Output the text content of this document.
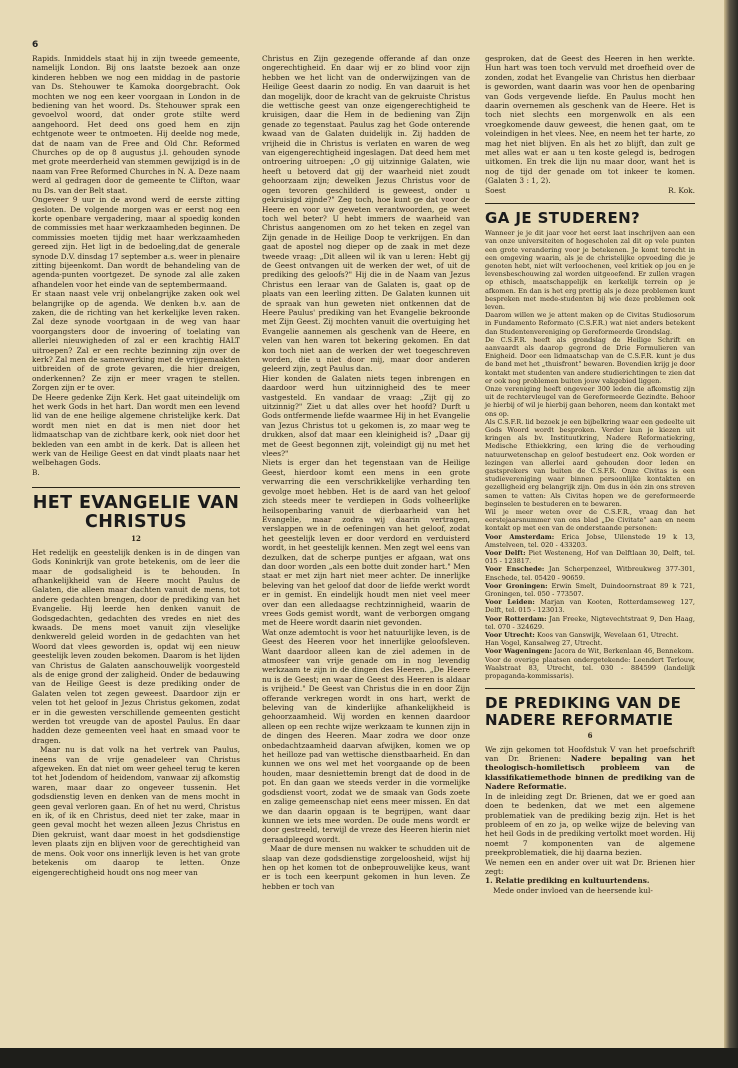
6

Rapids. Inmiddels staat hij in zijn tweede gemeente, namelijk London. Bij ons laatste bezoek aan onze kinderen hebben we nog een middag in de pastorie van Ds. Stehouwer te Kamoka doorgebracht. Ook mochten we nog een keer voorgaan in London in de bediening van het woord. Ds. Stehouwer sprak een gevoelvol woord, dat onder grote stilte werd aangehoord. Het deed ons goed hem en zijn echtgenote weer te ontmoeten. Hij deelde nog mede, dat de naam van de Free and Old Chr. Reformed Churches op de op 8 augustus j.l. gehouden synode met grote meerderheid van stemmen gewijzigd is in de naam van Free Reformed Churches in N. A. Deze naam werd al gedragen door de gemeente te Clifton, waar nu Ds. van der Belt staat.

Ongeveer 9 uur in de avond werd de eerste zitting gesloten. De volgende morgen was er eerst nog een korte openbare vergadering, maar al spoedig konden de commissies met haar werkzaamheden beginnen. De commissies moeten tijdig met haar werkzaamheden gereed zijn. Het ligt in de bedoeling,dat de generale synode D.V. dinsdag 17 september a.s. weer in plenaire zitting bijeenkomt. Dan wordt de behandeling van de agenda-punten voortgezet. De synode zal alle zaken afhandelen voor het einde van de septembermaand.

Er staan naast vele vrij onbelangrijke zaken ook wel belangrijke op de agenda. We denken b.v. aan de zaken, die de richting van het kerkelijke leven raken. Zal deze synode voortgaan in de weg van haar voorgangsters door de invoering of toelating van allerlei nieuwigheden of zal er een krachtig HALT uitroepen? Zal er een rechte bezinning zijn over de kerk? Zal men de samenwerking met de vrijgemaakten uitbreiden of de grote gevaren, die hier dreigen, onderkennen? Ze zijn er meer vragen te stellen. Zorgen zijn er te over.

De Heere gedenke Zijn Kerk. Het gaat uiteindelijk om het werk Gods in het hart. Dan wordt men een levend lid van de ene heilige algemene christelijke kerk. Dat wordt men niet en dat is men niet door het lidmaatschap van de zichtbare kerk, ook niet door het bekleden van een ambt in de kerk. Dat is alleen het werk van de Heilige Geest en dat vindt plaats naar het welbehagen Gods.

B.

HET EVANGELIE VAN CHRISTUS
12

Het redelijk en geestelijk denken is in de dingen van Gods Koninkrijk van grote betekenis, om de leer die maar de godsaligheid is te behouden. In afhankelijkheid van de Heere mocht Paulus de Galaten, die alleen maar dachten vanuit de mens, tot andere gedachten brengen, door de prediking van het Evangelie. Hij leerde hen denken vanuit de Godsgedachten, gedachten des vredes en niet des kwaads. De mens moet vanuit zijn vleselijke denkwereld geleid worden in de gedachten van het Woord dat vlees geworden is, opdat wij een nieuw geestelijk leven zouden bekomen. Daarom is het lijden van Christus de Galaten aanschouwelijk voorgesteld als de enige grond der zaligheid. Onder de bedauwing van de Heilige Geest is deze prediking onder de Galaten velen tot zegen geweest. Daardoor zijn er velen tot het geloof in Jezus Christus gekomen, zodat er in die gewesten verschillende gemeenten gesticht werden tot vreugde van de apostel Paulus. En daar hadden deze gemeenten veel haat en smaad voor te dragen.

Maar nu is dat volk na het vertrek van Paulus, ineens van de vrije genadeleer van Christus afgeweken. En dat niet om weer geheel terug te keren tot het Jodendom of heidendom, vanwaar zij afkomstig waren, maar daar zo ongeveer tussenin. Het godsdienstig leven en denken van de mens mocht in geen geval verloren gaan. En of het nu werd, Christus en ik, of ik en Christus, deed niet ter zake, maar in geen geval mocht het wezen alleen Jezus Christus en Dien gekruist, want daar moest in het godsdienstige leven plaats zijn en blijven voor de gerechtigheid van de mens. Ook voor ons innerlijk leven is het van grote betekenis om daarop te letten. Onze eigengerechtigheid houdt ons nog meer van

Christus en Zijn gezegende offerande af dan onze ongerechtigheid. En daar wij er zo blind voor zijn hebben we het licht van de onderwijzingen van de Heilige Geest daarin zo nodig. En van daaruit is het dan mogelijk, door de kracht van de gekruiste Christus die wettische geest van onze eigengerechtigheid te kruisigen, daar die Hem in de bediening van Zijn genade zo tegenstaat. Paulus zag het Gode onterende kwaad van de Galaten duidelijk in. Zij hadden de vrijheid die in Christus is verlaten en waren de weg van eigengerechtigheid ingeslagen. Dat deed hem met ontroering uitroepen: „O gij uitzinnige Galaten, wie heeft u betoverd dat gij der waarheid niet zoudt gehoorzaam zijn; dewelken Jezus Christus voor de ogen tevoren geschilderd is geweest, onder u gekruisigd zijnde?" Zeg toch, hoe kunt ge dat voor de Heere en voor uw geweten verantwoorden, ge weet toch wel beter? U hebt immers de waarheid van Christus aangenomen om zo het teken en zegel van Zijn genade in de Heilige Doop te verkrijgen. En dan gaat de apostel nog dieper op de zaak in met deze tweede vraag: „Dit alleen wil ik van u leren: Hebt gij de Geest ontvangen uit de werken der wet, of uit de prediking des geloofs?" Hij die in de Naam van Jezus Christus een leraar van de Galaten is, gaat op de plaats van een leerling zitten. De Galaten kunnen uit de spraak van hun geweten niet ontkennen dat de Heere Paulus' prediking van het Evangelie bekroonde met Zijn Geest. Zij mochten vanuit die overtuiging het Evangelie aannemen als geschenk van de Heere, en velen van hen waren tot bekering gekomen. En dat kon toch niet aan de werken der wet toegeschreven worden, die u niet door mij, maar door anderen geleerd zijn, zegt Paulus dan.

Hier konden de Galaten niets tegen inbrengen en daardoor werd hun uitzinnigheid des te meer vastgesteld. En vandaar de vraag: „Zijt gij zo uitzinnig?" Ziet u dat alles over het hoofd? Durft u Gods ontfermende liefde waarmee Hij in het Evangelie van Jezus Christus tot u gekomen is, zo maar weg te drukken, alsof dat maar een kleinigheid is? „Daar gij met de Geest begonnen zijt, voleindigt gij nu met het vlees?"

Niets is erger dan het tegenstaan van de Heilige Geest, hierdoor komt een mens in een grote verwarring die een verschrikkelijke verharding ten gevolge moet hebben. Het is de aard van het geloof zich steeds meer te verdiepen in Gods volheerlijke heilsopenbaring vanuit de dierbaarheid van het Evangelie, maar zodra wij daarin vertragen, verslappen we in de oefeningen van het geloof, zodat het geestelijk leven er door verdord en verduisterd wordt, in het geestelijk kennen. Men zegt wel eens van dezulken, dat de scherpe puntjes er afgaan, wat ons dan door worden „als een botte duit zonder hart." Men staat er met zijn hart niet meer achter. De innerlijke beleving van het geloof dat door de liefde werkt wordt er in gemist. En eindelijk houdt men niet veel meer over dan een alledaagse rechtzinnigheid, waarin de vrees Gods gemist wordt, want de verborgen omgang met de Heere wordt daarin niet gevonden.

Wat onze ademtocht is voor het natuurlijke leven, is de Geest des Heeren voor het innerlijke geloofsleven. Want daardoor alleen kan de ziel ademen in de atmosfeer van vrije genade om in nog levendig werkzaam te zijn in de dingen des Heeren. „De Heere nu is de Geest; en waar de Geest des Heeren is aldaar is vrijheid." De Geest van Christus die in en door Zijn offerande verkregen wordt in ons hart, werkt de beleving van de kinderlijke afhankelijkheid is gehoorzaamheid. Wij worden en kennen daardoor alleen op een rechte wijze werkzaam te kunnen zijn in de dingen des Heeren. Maar zodra we door onze onbedachtzaamheid daarvan afwijken, komen we op het heilloze pad van wettische dienstbaarheid. En dan kunnen we ons wel met het voorgaande op de been houden, maar desniettemin brengt dat de dood in de pot. En dan gaan we steeds verder in die vormelijke godsdienst voort, zodat we de smaak van Gods zoete en zalige gemeenschap niet eens meer missen. En dat we dan daarin opgaan is te begrijpen, want daar kunnen we iets mee worden. De oude mens wordt er door gestreeld, terwijl de vreze des Heeren hierin niet geraadpleegd wordt.

Maar de dure mensen nu wakker te schudden uit de slaap van deze godsdienstige zorgeloosheid, wijst hij hen op het komen tot de onbeprouwelijke keus, want er is toch een keerpunt gekomen in hun leven. Ze hebben er toch van

gesproken, dat de Geest des Heeren in hen werkte. Hun hart was toen toch vervuld met droefheid over de zonden, zodat het Evangelie van Christus hen dierbaar is geworden, want daarin was voor hen de openbaring van Gods vergevende liefde. En Paulus mocht hen daarin overnemen als geschenk van de Heere. Het is toch niet slechts een morgenwolk en als een vroegkomende dauw geweest, die henen gaat, om te voleindigen in het vlees. Nee, en neem het ter harte, zo mag het niet blijven. En als het zo blijft, dan zult ge met alles wat er aan u ten koste gelegd is, bedrogen uitkomen. En trek die lijn nu maar door, want het is nog de tijd der genade om tot inkeer te komen. (Galaten 3 : 1, 2).

Soest	R. Kok.
GA JE STUDEREN?

Wanneer je je dit jaar voor het eerst laat inschrijven aan een van onze universiteiten of hogescholen zal dit op vele punten een grote verandering voor je betekenen. Je komt terecht in een omgeving waarin, als je de christelijke opvoeding die je genoten hebt, niet wilt verloochenen, veel kritiek op jou en je levensbeschouwing zal worden uitgeoefend. Er zullen vragen op ethisch, maatschappelijk en kerkelijk terrein op je afkomen. En dan is het erg prettig als je deze problemen kunt bespreken met mede-studenten bij wie deze problemen ook leven.

Daarom willen we je attent maken op de Civitas Studiosorum in Fundamento Reformato (C.S.F.R.) wat niet anders betekent dan Studentenvereniging op Gereformeerde Grondslag.

De C.S.F.R. heeft als grondslag de Heilige Schrift en aanvaardt als daarop gegrond de Drie Formulieren van Enigheid. Door een lidmaatschap van de C.S.F.R. kunt je dus de band met het „thuisfront" bewaren. Bovendien krijg je door kontakt met studenten van andere studierichtingen te zien dat er ook nog problemen buiten jouw vakgebied liggen.

Onze vereniging heeft ongeveer 300 leden die afkomstig zijn uit de rechtervleugel van de Gereformeerde Gezindte. Behoor je hierbij of wil je hierbij gaan behoren, neem dan kontakt met ons op.

Als C.S.F.R. lid bezoek je een bijbelkring waar een gedeelte uit Gods Woord wordt besproken. Verder kun je kiezen uit kringen als bv. Instituutkring, Nadere Reformatiekring, Medische Ethiekkring, een kring die de verhouding natuurwetenschap en geloof bestudeert enz. Ook worden er lezingen van allerlei aard gehouden door leden en gastsprekers van buiten de C.S.F.R. Onze Civitas is een studievereniging waar binnen persoonlijke kontakten en gezelligheid erg belangrijk zijn. Om dus in één zin ons streven samen te vatten: Als Civitas hopen we de gereformeerde beginselen te bestuderen en te bewaren.

Wil je meer weten over de C.S.F.R., vraag dan het eerstejaarsnummer van ons blad „De Civitate" aan en neem kontakt op met een van de onderstaande personen:

Voor Amsterdam: Erica Jobse, Uilenstede 19 k 13, Amstelveen, tel. 020 - 433203.

Voor Delft: Piet Westeneng, Hof van Delftlaan 30, Delft, tel. 015 - 123817.

Voor Enschede: Jan Scherpenzeel, Witbreukweg 377-301, Enschede, tel. 05420 - 90659.

Voor Groningen: Erwin Smelt, Duindoornstraat 89 k 721, Groningen, tel. 050 - 773507.

Voor Leiden: Marjan van Kooten, Rotterdamseweg 127, Delft, tel. 015 - 123013.

Voor Rotterdam: Jan Freeke, Nigtevechtstraat 9, Den Haag, tel. 070 - 324629.

Voor Utrecht: Koos van Ganswijk, Wevelaan 61, Utrecht.

Han Vogel, Kansalweg 27, Utrecht.

Voor Wageningen: Jacora de Wit, Berkenlaan 46, Bennekom.

Voor de overige plaatsen ondergetekende: Leendert Terlouw, Waalstraat 83, Utrecht, tel. 030 - 884599 (landelijk propaganda-kommissaris).

DE PREDIKING VAN DE NADERE REFORMATIE
6

We zijn gekomen tot Hoofdstuk V van het proefschrift van Dr. Brienen: Nadere bepaling van het theologisch-homiletisch probleem van de klassifikatiemethode binnen de prediking van de Nadere Reformatie.

In de inleiding zegt Dr. Brienen, dat we er goed aan doen te bedenken, dat we met een algemene problematiek van de prediking bezig zijn. Het is het probleem of en zo ja, op welke wijze de beleving van het heil Gods in de prediking vertolkt moet worden. Hij noemt 7 komponenten van de algemene preekproblematiek, die hij daarna bezien.

We nemen een en ander over uit wat Dr. Brienen hier zegt:

1. Relatie prediking en kultuurtendens.

Mede onder invloed van de heersende kul-
